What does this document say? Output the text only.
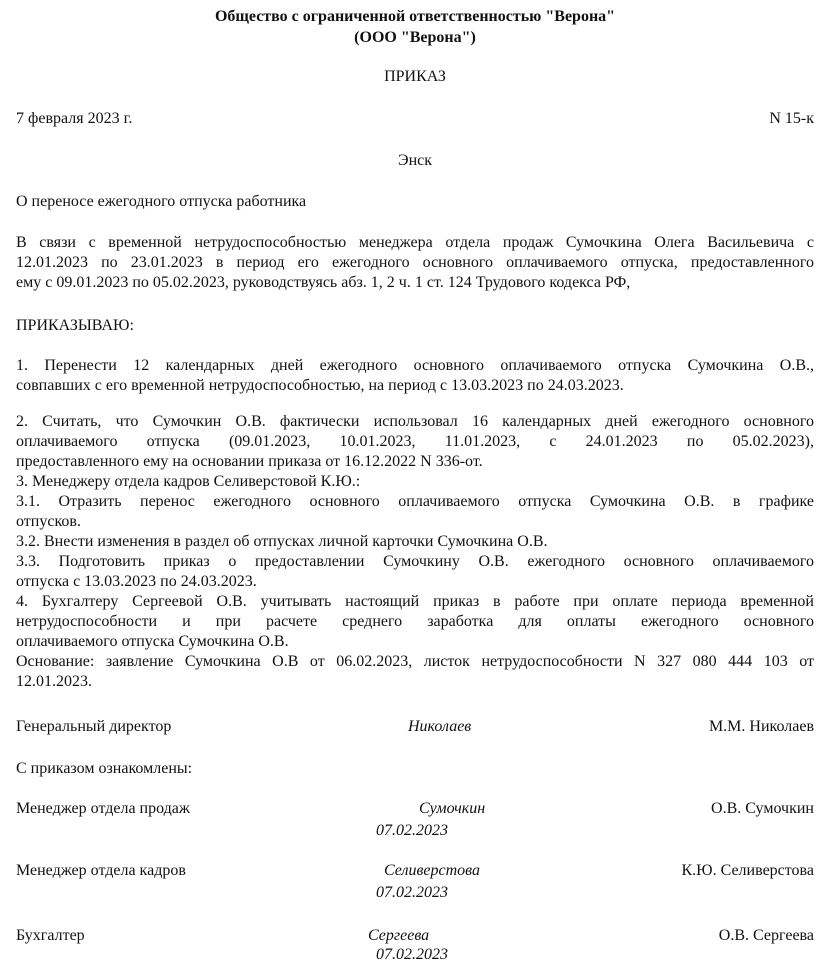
Общество с ограниченной ответственностью "Верона"
(ООО "Верона")
ПРИКАЗ
7 февраля 2023 г.	N 15-к
Энск
О переносе ежегодного отпуска работника
В связи с временной нетрудоспособностью менеджера отдела продаж Сумочкина Олега Васильевича с
12.01.2023 по 23.01.2023 в период его ежегодного основного оплачиваемого отпуска, предоставленного
ему с 09.01.2023 по 05.02.2023, руководствуясь абз. 1, 2 ч. 1 ст. 124 Трудового кодекса РФ,
ПРИКАЗЫВАЮ:
1. Перенести 12 календарных дней ежегодного основного оплачиваемого отпуска Сумочкина О.В.,
совпавших с его временной нетрудоспособностью, на период с 13.03.2023 по 24.03.2023.
2. Считать, что Сумочкин О.В. фактически использовал 16 календарных дней ежегодного основного
оплачиваемого отпуска (09.01.2023, 10.01.2023, 11.01.2023, с 24.01.2023 по 05.02.2023),
предоставленного ему на основании приказа от 16.12.2022 N 336-от.
3. Менеджеру отдела кадров Селиверстовой К.Ю.:
3.1. Отразить перенос ежегодного основного оплачиваемого отпуска Сумочкина О.В. в графике
отпусков.
3.2. Внести изменения в раздел об отпусках личной карточки Сумочкина О.В.
3.3. Подготовить приказ о предоставлении Сумочкину О.В. ежегодного основного оплачиваемого
отпуска с 13.03.2023 по 24.03.2023.
4. Бухгалтеру Сергеевой О.В. учитывать настоящий приказ в работе при оплате периода временной
нетрудоспособности и при расчете среднего заработка для оплаты ежегодного основного
оплачиваемого отпуска Сумочкина О.В.
Основание: заявление Сумочкина О.В от 06.02.2023, листок нетрудоспособности N 327 080 444 103 от
12.01.2023.
Генеральный директор	Николаев	М.М. Николаев
С приказом ознакомлены:
Менеджер отдела продаж	Сумочкин	О.В. Сумочкин
07.02.2023
Менеджер отдела кадров	Селиверстова	К.Ю. Селиверстова
07.02.2023
Бухгалтер	Сергеева	О.В. Сергеева
07.02.2023
